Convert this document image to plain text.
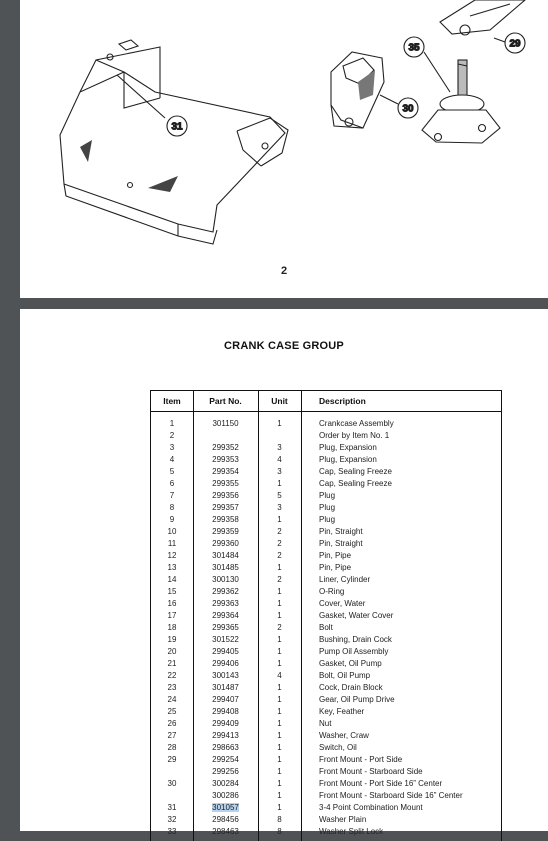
31
30
35	29
2
CRANK CASE GROUP
Item	Part No.	Unit	Description
1	301150	1	Crankcase Assembly
2	Order by Item No. 1
3	299352	3	Plug, Expansion
4	299353	4	Plug, Expansion
5	299354	3	Cap, Sealing Freeze
6	299355	1	Cap, Sealing Freeze
7	299356	5	Plug
8	299357	3	Plug
9	299358	1	Plug
10	299359	2	Pin, Straight
11	299360	2	Pin, Straight
12	301484	2	Pin, Pipe
13	301485	1	Pin, Pipe
14	300130	2	Liner, Cylinder
15	299362	1	O-Ring
16	299363	1	Cover, Water
17	299364	1	Gasket, Water Cover
18	299365	2	Bolt
19	301522	1	Bushing, Drain Cock
20	299405	1	Pump Oil Assembly
21	299406	1	Gasket, Oil Pump
22	300143	4	Bolt, Oil Pump
23	301487	1	Cock, Drain Block
24	299407	1	Gear, Oil Pump Drive
25	299408	1	Key, Feather
26	299409	1	Nut
27	299413	1	Washer, Craw
28	298663	1	Switch, Oil
29	299254	1	Front Mount - Port Side
299256	1	Front Mount - Starboard Side
30	300284	1	Front Mount - Port Side 16” Center
300286	1	Front Mount - Starboard Side 16” Center
31	301057	1	3-4 Point Combination Mount
32	298456	8	Washer Plain
33	298463	8	Washer Split Lock
